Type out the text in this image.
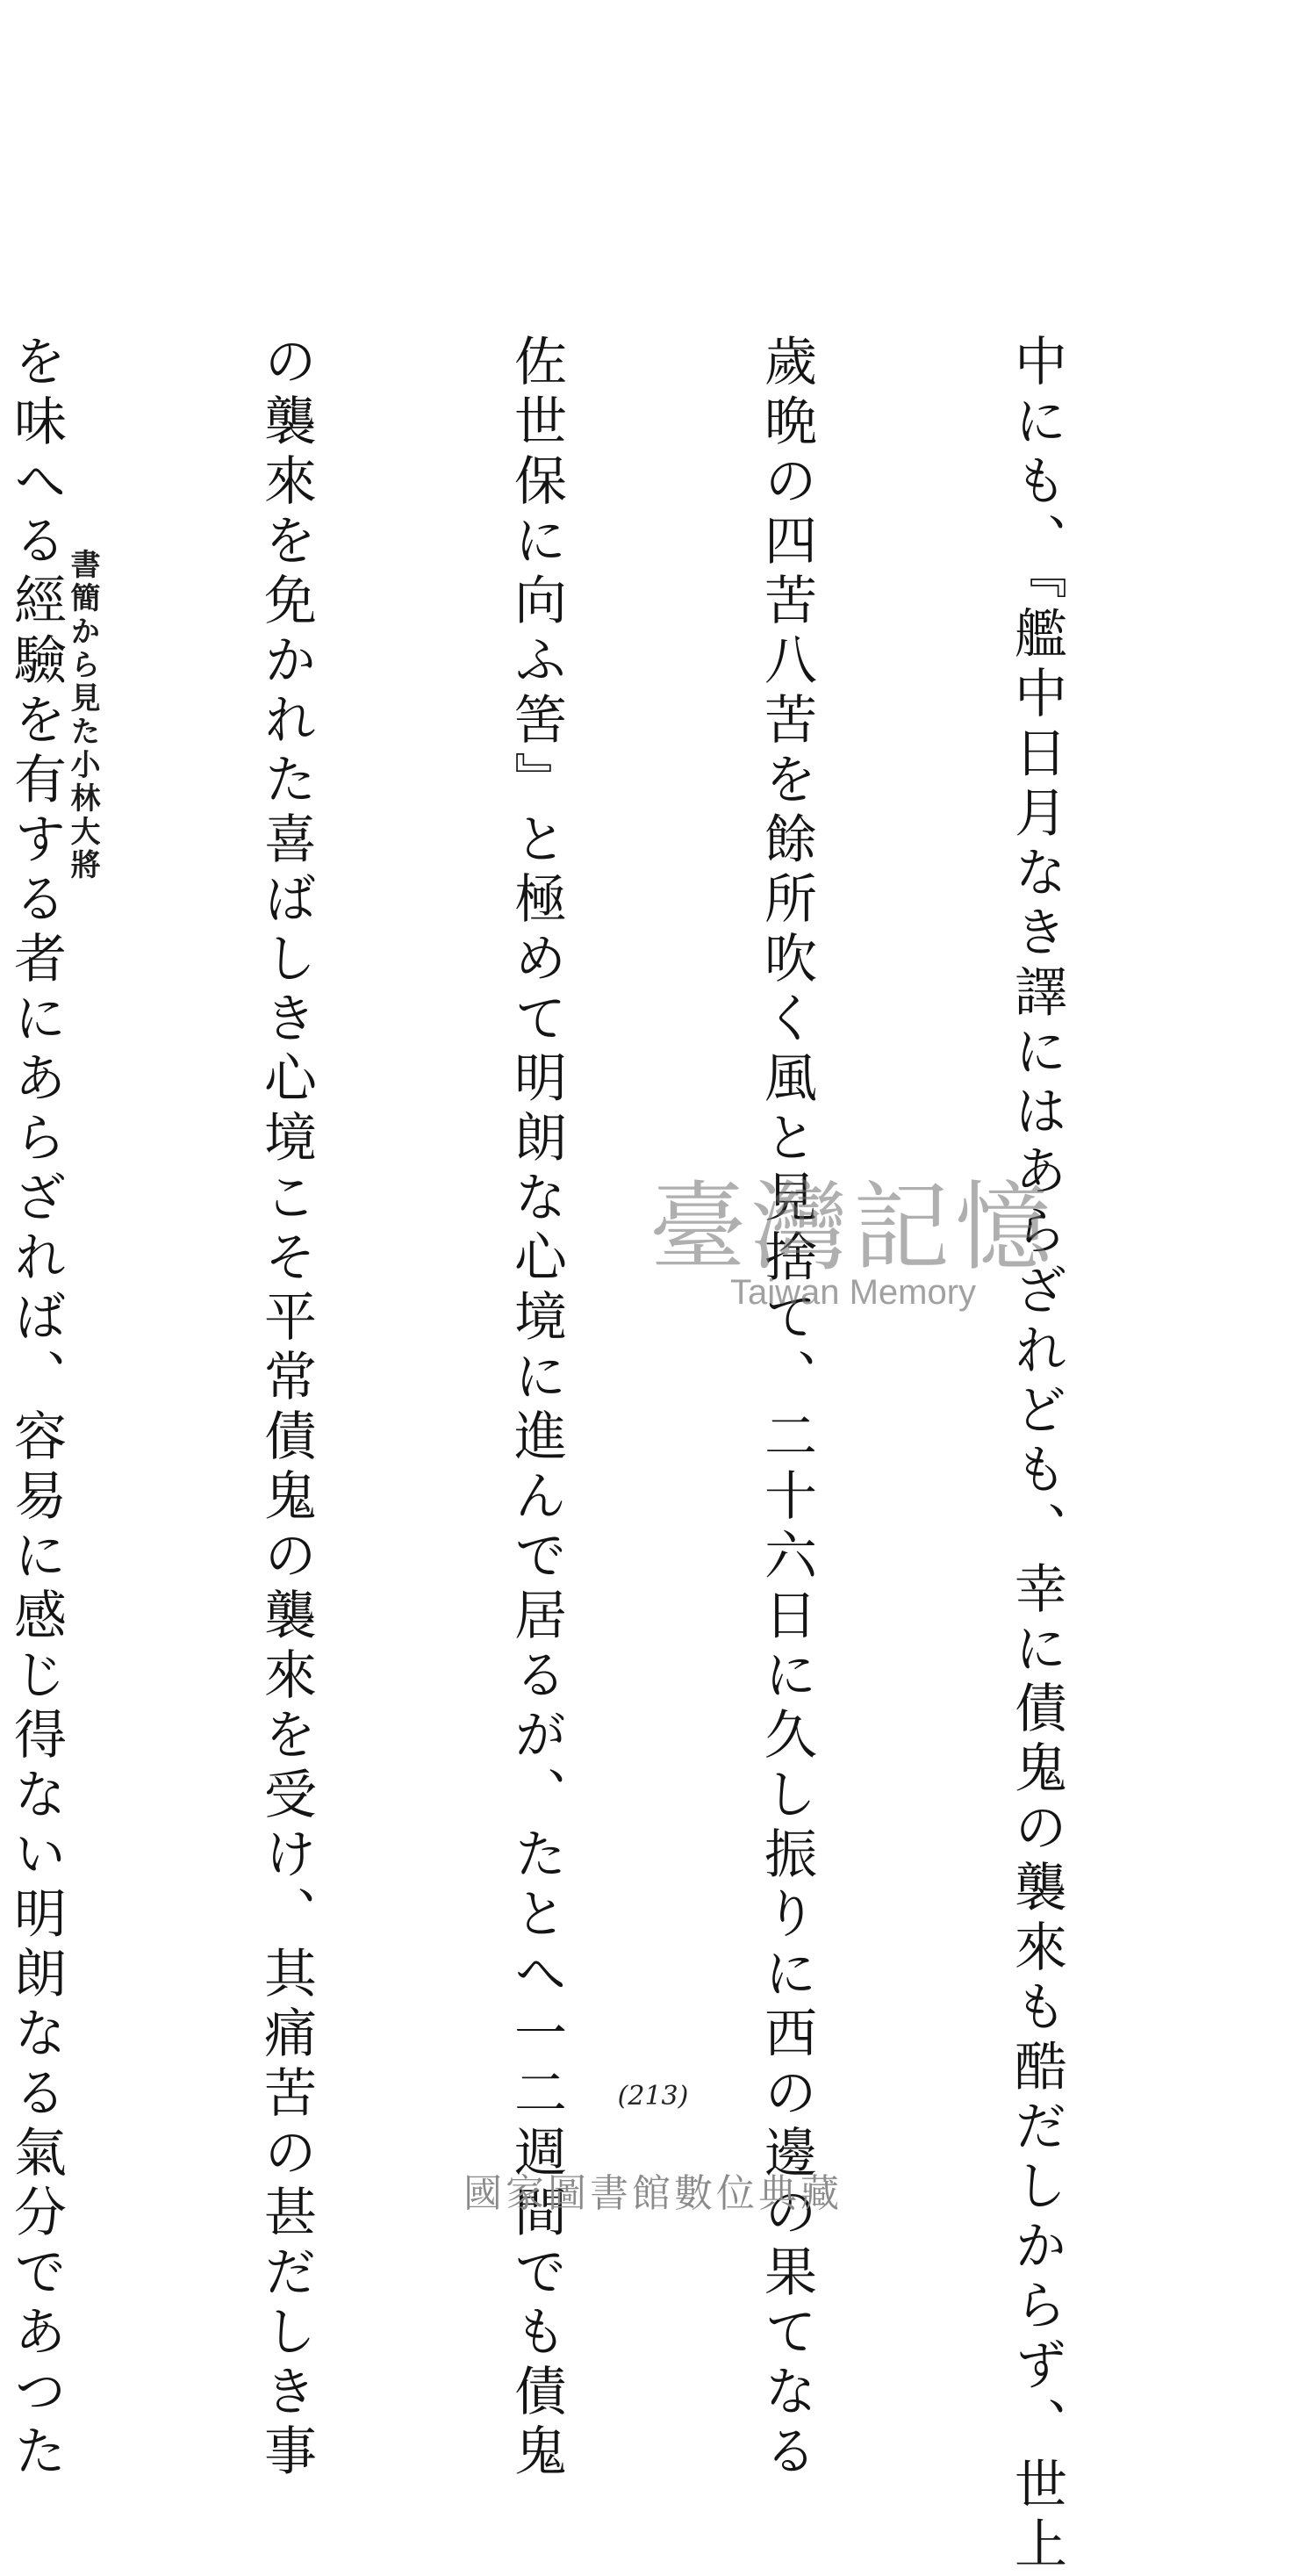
中にも、『艦中日月なき譯にはあらざれども、幸に債鬼の襲來も酷だしからず、世上

歲晩の四苦八苦を餘所吹く風と見捨て、二十六日に久し振りに西の邊の果てなる

佐世保に向ふ筈』と極めて明朗な心境に進んで居るが、たとへ一二週間でも債鬼

の襲來を免かれた喜ばしき心境こそ平常債鬼の襲來を受け、其痛苦の甚だしき事

を味へる經驗を有する者にあらざれば、容易に感じ得ない明朗なる氣分であつた

書簡から見た小林大將
臺灣記憶
Taiwan Memory
(213)
國家圖書館數位典藏
